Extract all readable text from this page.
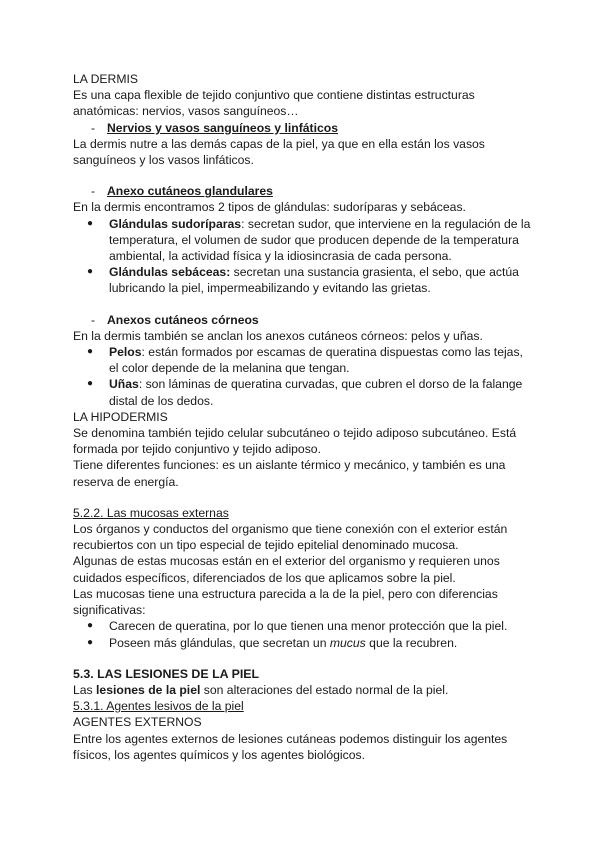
LA DERMIS

Es una capa flexible de tejido conjuntivo que contiene distintas estructuras anatómicas: nervios, vasos sanguíneos…

- Nervios y vasos sanguíneos y linfáticos

La dermis nutre a las demás capas de la piel, ya que en ella están los vasos sanguíneos y los vasos linfáticos.

- Anexo cutáneos glandulares

En la dermis encontramos 2 tipos de glándulas: sudoríparas y sebáceas.

● Glándulas sudoríparas: secretan sudor, que interviene en la regulación de la temperatura, el volumen de sudor que producen depende de la temperatura ambiental, la actividad física y la idiosincrasia de cada persona.
● Glándulas sebáceas: secretan una sustancia grasienta, el sebo, que actúa lubricando la piel, impermeabilizando y evitando las grietas.

- Anexos cutáneos córneos

En la dermis también se anclan los anexos cutáneos córneos: pelos y uñas.

● Pelos: están formados por escamas de queratina dispuestas como las tejas, el color depende de la melanina que tengan.
● Uñas: son láminas de queratina curvadas, que cubren el dorso de la falange distal de los dedos.

LA HIPODERMIS

Se denomina también tejido celular subcutáneo o tejido adiposo subcutáneo. Está formada por tejido conjuntivo y tejido adiposo.

Tiene diferentes funciones: es un aislante térmico y mecánico, y también es una reserva de energía.

5.2.2. Las mucosas externas

Los órganos y conductos del organismo que tiene conexión con el exterior están recubiertos con un tipo especial de tejido epitelial denominado mucosa.

Algunas de estas mucosas están en el exterior del organismo y requieren unos cuidados específicos, diferenciados de los que aplicamos sobre la piel.

Las mucosas tiene una estructura parecida a la de la piel, pero con diferencias significativas:

● Carecen de queratina, por lo que tienen una menor protección que la piel.
● Poseen más glándulas, que secretan un mucus que la recubren.

5.3. LAS LESIONES DE LA PIEL

Las lesiones de la piel son alteraciones del estado normal de la piel.

5.3.1. Agentes lesivos de la piel

AGENTES EXTERNOS

Entre los agentes externos de lesiones cutáneas podemos distinguir los agentes físicos, los agentes químicos y los agentes biológicos.
